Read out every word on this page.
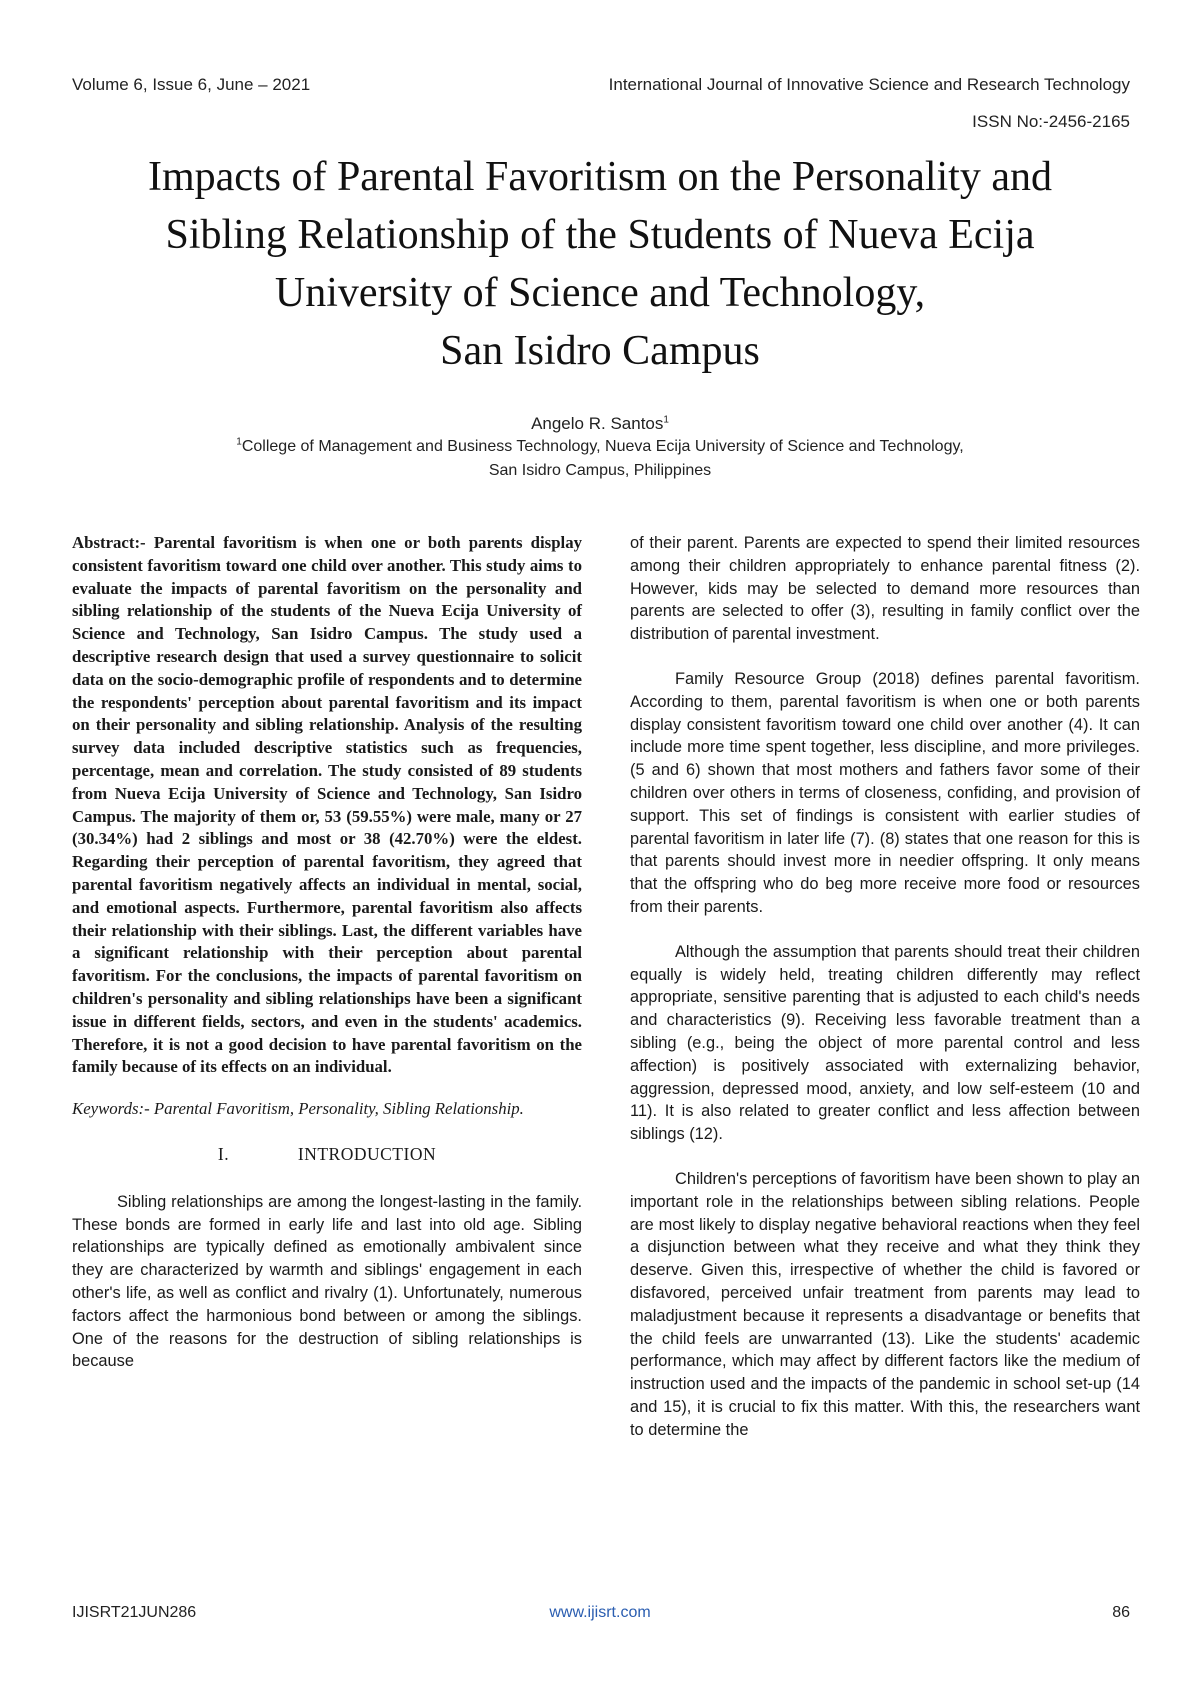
Volume 6, Issue 6, June – 2021	International Journal of Innovative Science and Research Technology
ISSN No:-2456-2165
Impacts of Parental Favoritism on the Personality and
Sibling Relationship of the Students of Nueva Ecija
University of Science and Technology,
San Isidro Campus
Angelo R. Santos$^1$
$^1$College of Management and Business Technology, Nueva Ecija University of Science and Technology,
San Isidro Campus, Philippines

Abstract:- Parental favoritism is when one or both parents display consistent favoritism toward one child over another. This study aims to evaluate the impacts of parental favoritism on the personality and sibling relationship of the students of the Nueva Ecija University of Science and Technology, San Isidro Campus. The study used a descriptive research design that used a survey questionnaire to solicit data on the socio-demographic profile of respondents and to determine the respondents' perception about parental favoritism and its impact on their personality and sibling relationship. Analysis of the resulting survey data included descriptive statistics such as frequencies, percentage, mean and correlation. The study consisted of 89 students from Nueva Ecija University of Science and Technology, San Isidro Campus. The majority of them or, 53 (59.55%) were male, many or 27 (30.34%) had 2 siblings and most or 38 (42.70%) were the eldest. Regarding their perception of parental favoritism, they agreed that parental favoritism negatively affects an individual in mental, social, and emotional aspects. Furthermore, parental favoritism also affects their relationship with their siblings. Last, the different variables have a significant relationship with their perception about parental favoritism. For the conclusions, the impacts of parental favoritism on children's personality and sibling relationships have been a significant issue in different fields, sectors, and even in the students' academics. Therefore, it is not a good decision to have parental favoritism on the family because of its effects on an individual.

Keywords:- Parental Favoritism, Personality, Sibling Relationship.

I.	INTRODUCTION

Sibling relationships are among the longest-lasting in the family. These bonds are formed in early life and last into old age. Sibling relationships are typically defined as emotionally ambivalent since they are characterized by warmth and siblings' engagement in each other's life, as well as conflict and rivalry (1). Unfortunately, numerous factors affect the harmonious bond between or among the siblings. One of the reasons for the destruction of sibling relationships is because

of their parent. Parents are expected to spend their limited resources among their children appropriately to enhance parental fitness (2). However, kids may be selected to demand more resources than parents are selected to offer (3), resulting in family conflict over the distribution of parental investment.

Family Resource Group (2018) defines parental favoritism. According to them, parental favoritism is when one or both parents display consistent favoritism toward one child over another (4). It can include more time spent together, less discipline, and more privileges. (5 and 6) shown that most mothers and fathers favor some of their children over others in terms of closeness, confiding, and provision of support. This set of findings is consistent with earlier studies of parental favoritism in later life (7). (8) states that one reason for this is that parents should invest more in needier offspring. It only means that the offspring who do beg more receive more food or resources from their parents.

Although the assumption that parents should treat their children equally is widely held, treating children differently may reflect appropriate, sensitive parenting that is adjusted to each child's needs and characteristics (9). Receiving less favorable treatment than a sibling (e.g., being the object of more parental control and less affection) is positively associated with externalizing behavior, aggression, depressed mood, anxiety, and low self-esteem (10 and 11). It is also related to greater conflict and less affection between siblings (12).

Children's perceptions of favoritism have been shown to play an important role in the relationships between sibling relations. People are most likely to display negative behavioral reactions when they feel a disjunction between what they receive and what they think they deserve. Given this, irrespective of whether the child is favored or disfavored, perceived unfair treatment from parents may lead to maladjustment because it represents a disadvantage or benefits that the child feels are unwarranted (13). Like the students' academic performance, which may affect by different factors like the medium of instruction used and the impacts of the pandemic in school set-up (14 and 15), it is crucial to fix this matter. With this, the researchers want to determine the

IJISRT21JUN286	www.ijisrt.com	86
